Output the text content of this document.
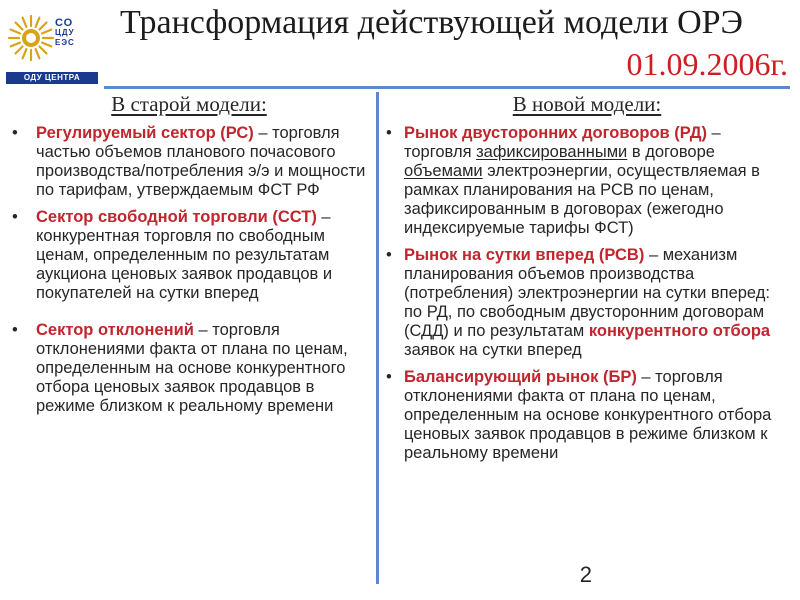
СО
ЦДУ
ЕЭС
ОДУ ЦЕНТРА
Трансформация действующей модели ОРЭ
01.09.2006г.
В старой модели:
• Регулируемый сектор (РС) – торговля частью объемов планового почасового производства/потребления э/э и мощности по тарифам, утверждаемым ФСТ РФ
• Сектор свободной торговли (ССТ) – конкурентная торговля по свободным ценам, определенным по результатам аукциона ценовых заявок продавцов и покупателей на сутки вперед
• Сектор отклонений – торговля отклонениями факта от плана по ценам, определенным на основе конкурентного отбора ценовых заявок продавцов в режиме близком к реальному времени
В новой модели:
• Рынок двусторонних договоров (РД) – торговля зафиксированными в договоре объемами электроэнергии, осуществляемая в рамках планирования на РСВ по ценам, зафиксированным в договорах (ежегодно индексируемые тарифы ФСТ)
• Рынок на сутки вперед (РСВ) – механизм планирования объемов производства (потребления) электроэнергии на сутки вперед: по РД, по свободным двусторонним договорам (СДД) и по результатам конкурентного отбора заявок на сутки вперед
• Балансирующий рынок (БР) – торговля отклонениями факта от плана по ценам, определенным на основе конкурентного отбора ценовых заявок продавцов в режиме близком к реальному времени
2
